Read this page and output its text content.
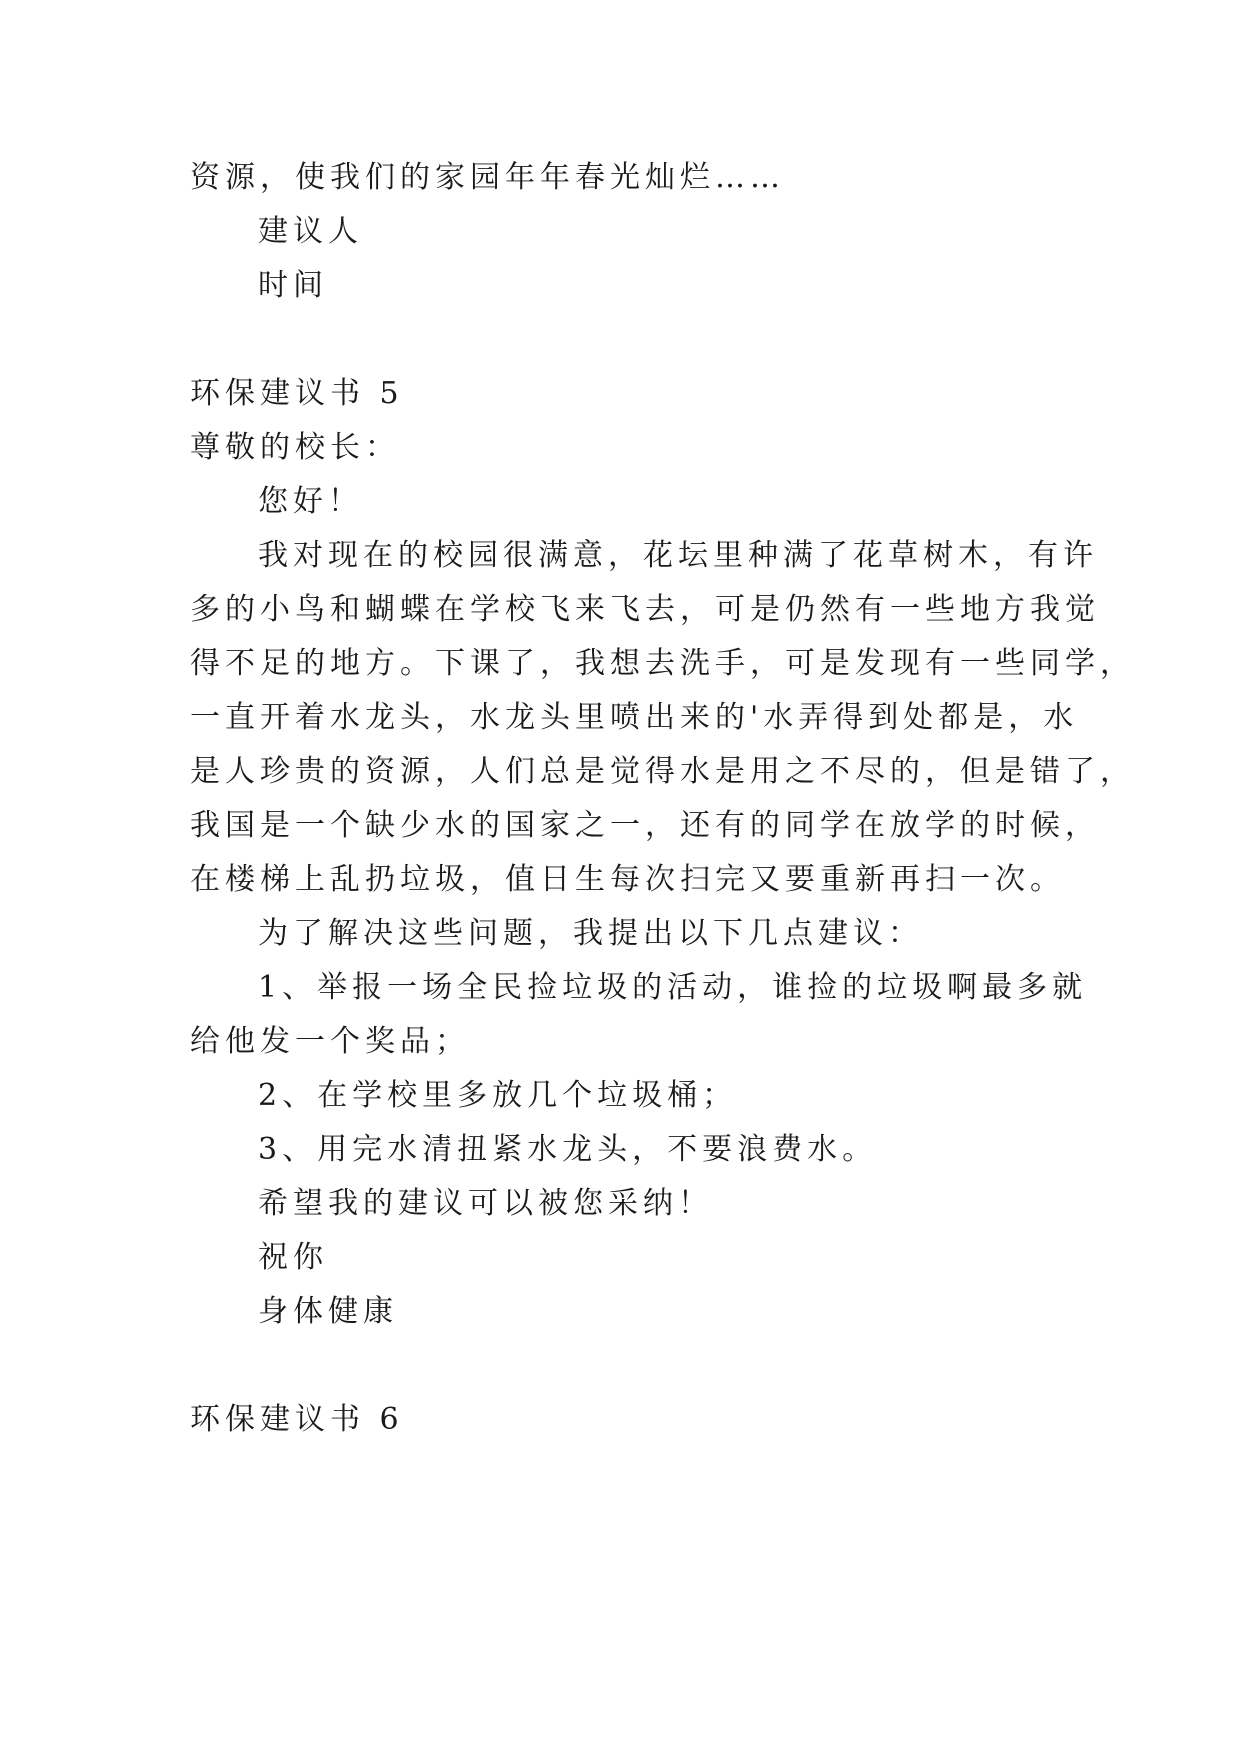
资源，使我们的家园年年春光灿烂……
建议人
时间
环保建议书 5
尊敬的校长：
您好！
我对现在的校园很满意，花坛里种满了花草树木，有许
多的小鸟和蝴蝶在学校飞来飞去，可是仍然有一些地方我觉
得不足的地方。下课了，我想去洗手，可是发现有一些同学，
一直开着水龙头，水龙头里喷出来的'水弄得到处都是，水
是人珍贵的资源，人们总是觉得水是用之不尽的，但是错了，
我国是一个缺少水的国家之一，还有的同学在放学的时候，
在楼梯上乱扔垃圾，值日生每次扫完又要重新再扫一次。
为了解决这些问题，我提出以下几点建议：
1、举报一场全民捡垃圾的活动，谁捡的垃圾啊最多就
给他发一个奖品；
2、在学校里多放几个垃圾桶；
3、用完水清扭紧水龙头，不要浪费水。
希望我的建议可以被您采纳！
祝你
身体健康
环保建议书 6
